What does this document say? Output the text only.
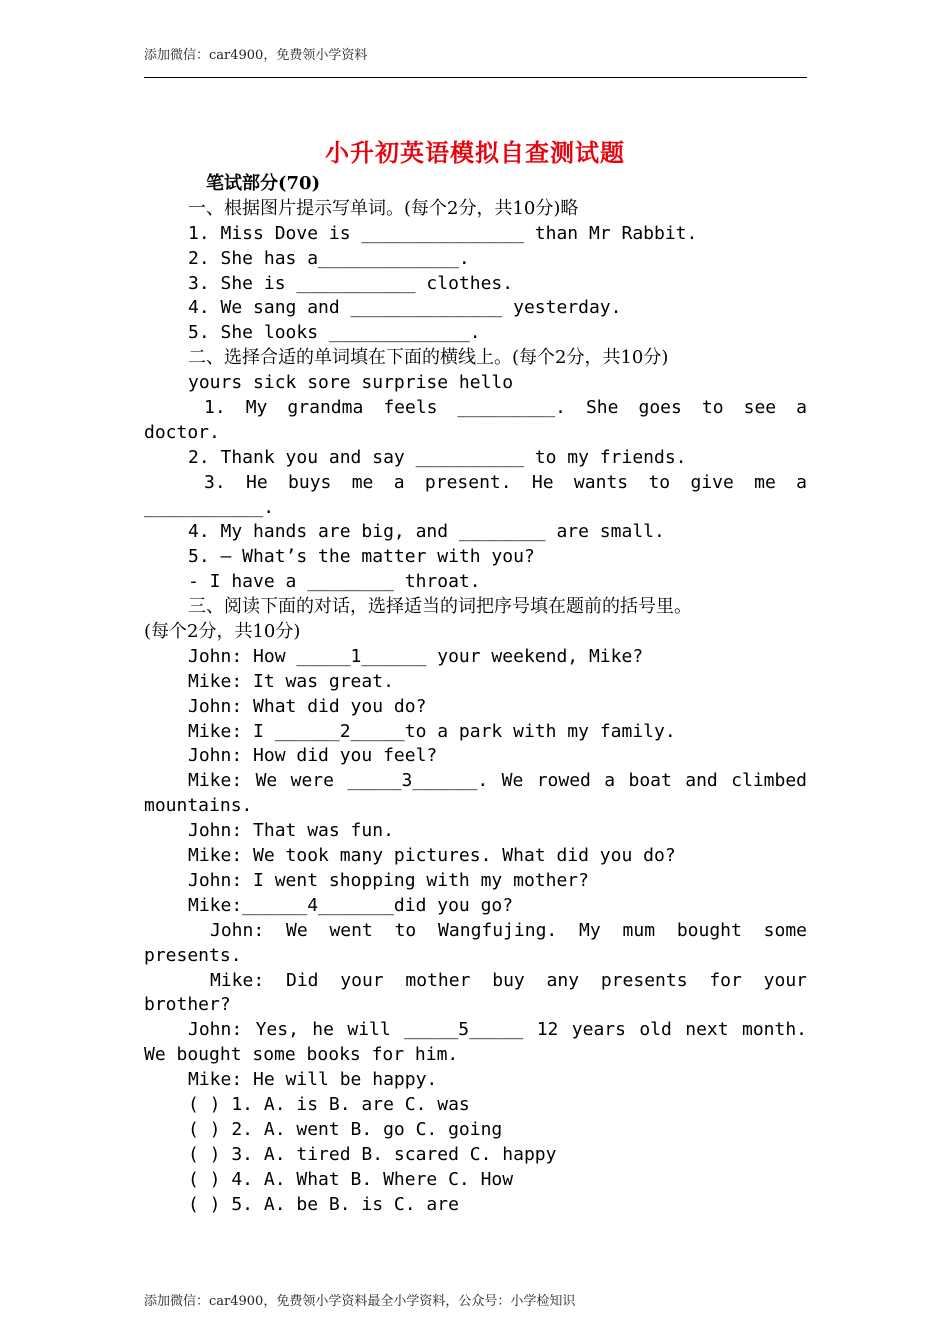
添加微信：car4900，免费领小学资料
小升初英语模拟自查测试题
笔试部分(70)
一、根据图片提示写单词。(每个2分，共10分)略
1. Miss Dove is _______________ than Mr Rabbit.
2. She has a_____________.
3. She is ___________ clothes.
4. We sang and ______________ yesterday.
5. She looks _____________.
二、选择合适的单词填在下面的横线上。(每个2分，共10分)
yours sick sore surprise hello
1. My grandma feels _________. She goes to see a
doctor.
2. Thank you and say __________ to my friends.
3. He buys me a present. He wants to give me a
___________.
4. My hands are big, and ________ are small.
5. – What’s the matter with you?
- I have a ________ throat.
三、阅读下面的对话，选择适当的词把序号填在题前的括号里。
(每个2分，共10分)
John: How _____1______ your weekend, Mike?
Mike: It was great.
John: What did you do?
Mike: I ______2_____to a park with my family.
John: How did you feel?
Mike: We were _____3______. We rowed a boat and climbed
mountains.
John: That was fun.
Mike: We took many pictures. What did you do?
John: I went shopping with my mother?
Mike:______4_______did you go?
John: We went to Wangfujing. My mum bought some
presents.
Mike: Did your mother buy any presents for your
brother?
John: Yes, he will _____5_____ 12 years old next month.
We bought some books for him.
Mike: He will be happy.
( ) 1. A. is B. are C. was
( ) 2. A. went B. go C. going
( ) 3. A. tired B. scared C. happy
( ) 4. A. What B. Where C. How
( ) 5. A. be B. is C. are
添加微信：car4900，免费领小学资料最全小学资料，公众号：小学检知识
